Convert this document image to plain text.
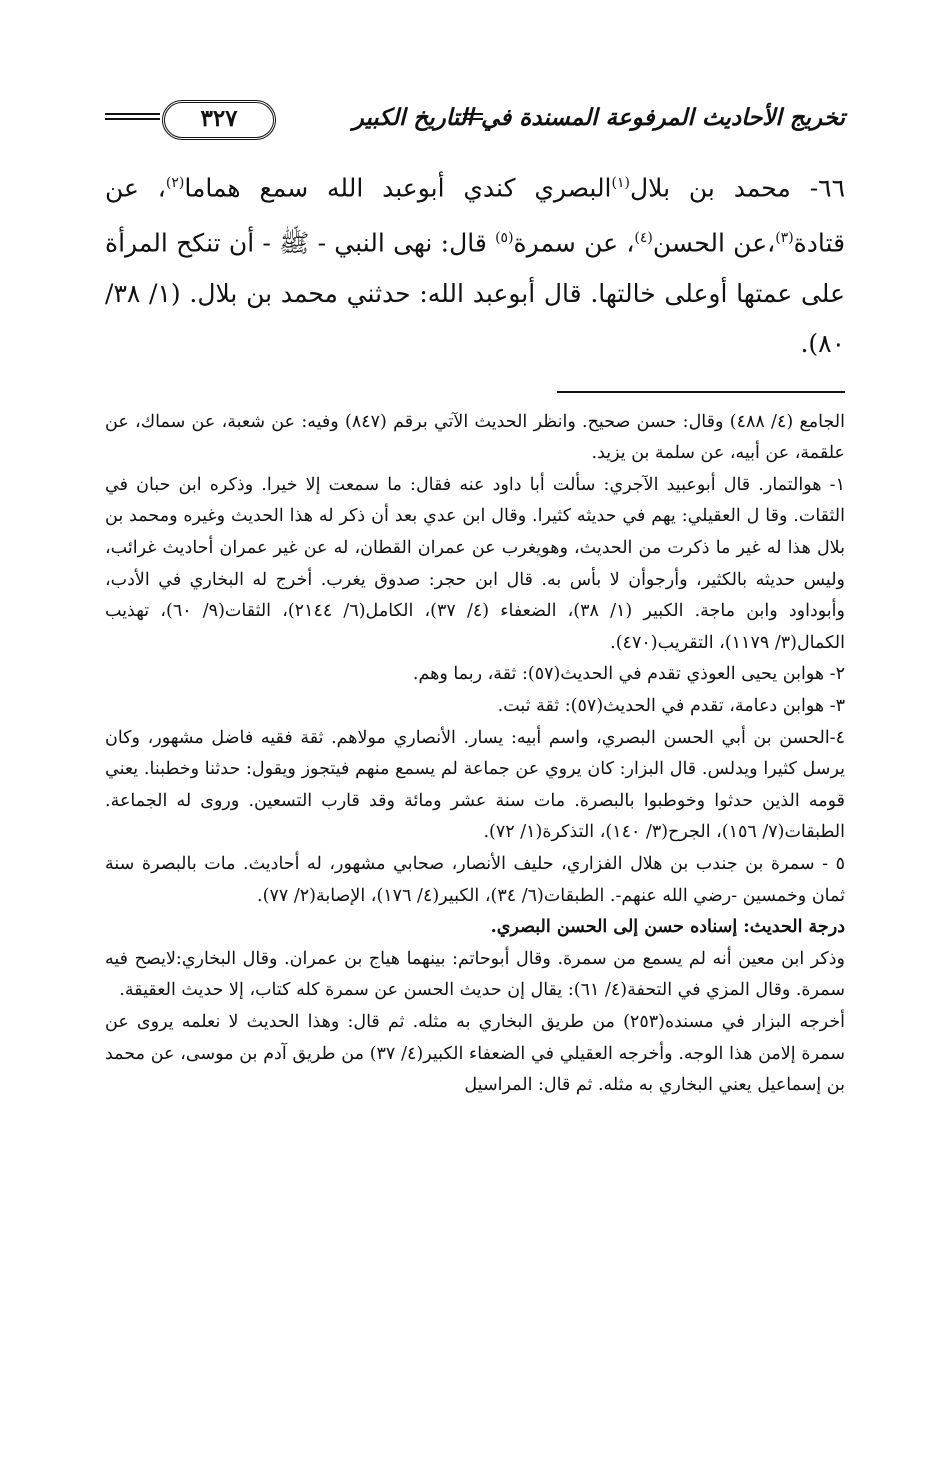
تخريج الأحاديث المرفوعة المسندة في التاريخ الكبير
٣٢٧
٦٦- محمد بن بلال$^{(١)}$البصري كندي أبوعبد الله سمع هماما$^{(٢)}$، عن قتادة$^{(٣)}$،عن الحسن$^{(٤)}$، عن سمرة$^{(٥)}$ قال: نهى النبي - ﷺ - أن تنكح المرأة على عمتها أوعلى خالتها. قال أبوعبد الله: حدثني محمد بن بلال. (١/ ٣٨/ ٨٠).

الجامع (٤/ ٤٨٨) وقال: حسن صحيح. وانظر الحديث الآتي برقم (٨٤٧) وفيه: عن شعبة، عن سماك، عن علقمة، عن أبيه، عن سلمة بن يزيد.

١- هوالتمار. قال أبوعبيد الآجري: سألت أبا داود عنه فقال: ما سمعت إلا خيرا. وذكره ابن حبان في الثقات. وقا ل العقيلي: يهم في حديثه كثيرا. وقال ابن عدي بعد أن ذكر له هذا الحديث وغيره ومحمد بن بلال هذا له غير ما ذكرت من الحديث، وهويغرب عن عمران القطان، له عن غير عمران أحاديث غرائب، وليس حديثه بالكثير، وأرجوأن لا بأس به. قال ابن حجر: صدوق يغرب. أخرج له البخاري في الأدب، وأبوداود وابن ماجة. الكبير (١/ ٣٨)، الضعفاء (٤/ ٣٧)، الكامل(٦/ ٢١٤٤)، الثقات(٩/ ٦٠)، تهذيب الكمال(٣/ ١١٧٩)، التقريب(٤٧٠).

٢- هوابن يحيى العوذي تقدم في الحديث(٥٧): ثقة، ربما وهم.

٣- هوابن دعامة، تقدم في الحديث(٥٧): ثقة ثبت.

٤-الحسن بن أبي الحسن البصري، واسم أبيه: يسار. الأنصاري مولاهم. ثقة فقيه فاضل مشهور، وكان يرسل كثيرا ويدلس. قال البزار: كان يروي عن جماعة لم يسمع منهم فيتجوز ويقول: حدثنا وخطبنا. يعني قومه الذين حدثوا وخوطبوا بالبصرة. مات سنة عشر ومائة وقد قارب التسعين. وروى له الجماعة. الطبقات(٧/ ١٥٦)، الجرح(٣/ ١٤٠)، التذكرة(١/ ٧٢).

٥ - سمرة بن جندب بن هلال الفزاري، حليف الأنصار، صحابي مشهور، له أحاديث. مات بالبصرة سنة ثمان وخمسين -رضي الله عنهم-. الطبقات(٦/ ٣٤)، الكبير(٤/ ١٧٦)، الإصابة(٢/ ٧٧).

درجة الحديث: إسناده حسن إلى الحسن البصري.

وذكر ابن معين أنه لم يسمع من سمرة. وقال أبوحاتم: بينهما هياج بن عمران. وقال البخاري:لايصح فيه سمرة. وقال المزي في التحفة(٤/ ٦١): يقال إن حديث الحسن عن سمرة كله كتاب، إلا حديث العقيقة.

أخرجه البزار في مسنده(٢٥٣) من طريق البخاري به مثله. ثم قال: وهذا الحديث لا نعلمه يروى عن سمرة إلامن هذا الوجه. وأخرجه العقيلي في الضعفاء الكبير(٤/ ٣٧) من طريق آدم بن موسى، عن محمد بن إسماعيل يعني البخاري به مثله. ثم قال: المراسيل
